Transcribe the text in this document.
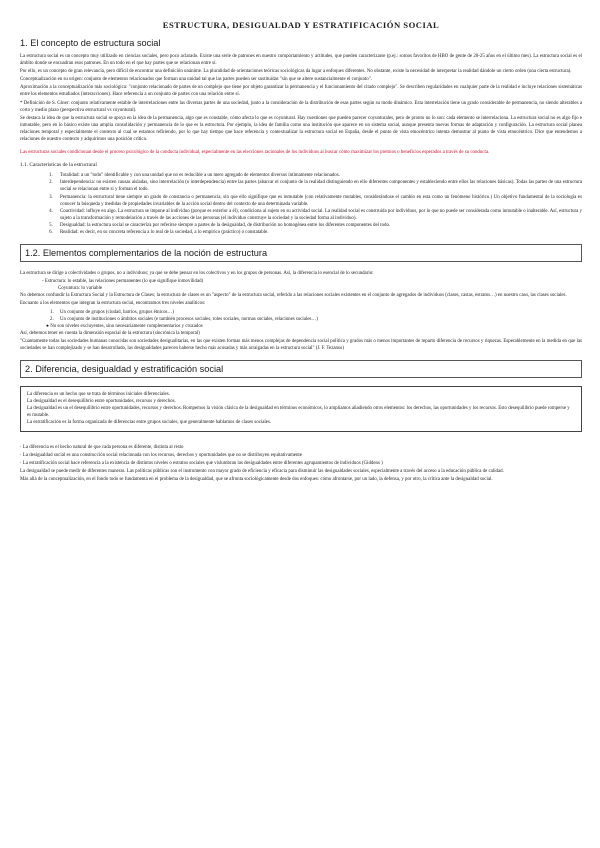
ESTRUCTURA, DESIGUALDAD Y ESTRATIFICACIÓN SOCIAL
1. El concepto de estructura social

La estructura social es un concepto muy utilizado en ciencias sociales, pero poco aclarado. Existe una serie de patrones en nuestro comportamiento y actitudes, que pueden caracterizarse (p.ej.: somos favoritos de HBO de gente de 20-25 años en el último mes). La estructura social es el ámbito donde se encuadran esos patrones. En un todo en el que hay partes que se relacionan entre sí.

Por ello, es un concepto de gran relevancia, pero difícil de encontrar una definición unánime. La pluralidad de orientaciones teóricas sociológicas da lugar a enfoques diferentes. No obstante, existe la necesidad de interpretar la realidad dándole un cierto orden (una cierta estructura).

Conceptualización en su origen: conjunto de elementos relacionados que forman una unidad tal que las partes pueden ser sustituidas "sin que se altere sustancialmente el conjunto".

Aproximación a la conceptualización más sociológica: "conjunto relacionado de partes de un complejo que tiene por objeto garantizar la permanencia y el funcionamiento del citado complejo". Se describen regularidades en cualquier parte de la realidad e incluye relaciones sistemáticas entre los elementos estudiados (interacciones). Hace referencia a un conjunto de partes con una relación entre sí.

* Definición de S. Giner: conjunto relativamente estable de interrelaciones entre las diversas partes de una sociedad, junto a la consideración de la distribución de esas partes según su modo dinámico. Esta interrelación tiene un grado considerable de permanencia, no siendo alterables a corto y medio plazo (perspectiva estructural vs coyuntural).

Se destaca la idea de que la estructura social se apoya en la idea de la permanencia, algo que es constable, cómo afecta lo que es coyuntural. Hay cuestiones que pueden parecer coyunturales, pero de pronto no lo son: cada elemento se interrelaciona. La estructura social no es algo fijo e inmutable, pero en lo básico existe una amplia consolidación y permanencia de lo que es la estructura. Por ejemplo, la idea de familia como una institución que aparece en un sistema social, aunque presenta nuevas formas de adaptación y configuración. La estructura social planea relaciones temporal y especialmente el contexto al cual se estamos refiriendo, por lo que hay tiempo que hace referencia y contextualizar la estructura social en España, desde el punto de vista etnocéntrico intenta demostrar al punto de vista etnocéntrico. Dice que entendemos a relaciones de nuestro contexto y adquirimos una posición crítica.

Las estructuras sociales condicionan desde el proceso psicológico de la conducta individual, especialmente en las elecciones racionales de los individuos al buscar cómo maximizar los premios o beneficios esperados a través de su conducta.

1.1. Características de la estructural
1. Totalidad: a un "todo" identificable y con una unidad que no es reducible a un mero agregado de elementos diversos íntimamente relacionados.
2. Interdependencia: no existen causas aisladas, sino interrelación (o interdependencia) entre las partes (abarcar el conjunto de la realidad distinguiendo en ello diferentes componentes y estableciendo entre ellos las relaciones básicas). Todas las partes de una estructura social se relacionan entre sí y forman el todo.
3. Permanencia: la estructural tiene siempre un grado de constancia o permanencia, sin que ello signifique que es inmutable (con relativamente mutables, considerándose el cambio en esta como un fenómeno histórico.) Un objetivo fundamental de la sociología es conocer la búsqueda y medidas de propiedades invariables de la acción social dentro del contexto de una determinada variable.
4. Coactividad: influye en algo. La estructura se impone al individuo (porque es exterior a él), condiciona al sujeto en su actividad social. La realidad social es construida por individuos, por lo que no puede ser considerada como inmutable o inalterable. Así, estructura y sujeto a la transformación y remodelación a través de las acciones de las personas (el individuo construye la sociedad y la sociedad forma al individuo).
5. Desigualdad: la estructura social se caracteriza por referirse siempre a partes de la desigualdad, de distribución no homogénea entre los diferentes componentes del todo.
6. Realidad: es decir, en su concreta referencia a lo real de la sociedad, a lo empírico (práctico) o constatable.
1.2. Elementos complementarios de la noción de estructura

La estructura se dirige a colectividades o grupos, no a individuos; ya que se debe pensar en los colectivos y en los grupos de personas. Así, la diferencia lo esencial de lo secundario:

- Estructura: lo estable, las relaciones permanentes (lo que signifique inmovilidad)
Coyuntura: lo variable

No debemos confundir la Estructura Social y la Estructura de Clases; la estructura de clases es un "aspecto" de la estructura social, referido a las relaciones sociales existentes en el conjunto de agregados de individuos (clases, castas, estratos…) en nuestro caso, las clases sociales.

Encuanto a los elementos que integran la estructura social, encontramos tres niveles analíticos:

1. Un conjunto de grupos (ciudad, barrios, grupos étnicos…)
2. Un conjunto de instituciones o ámbitos sociales (e también procesos sociales, roles sociales, normas sociales, relaciones sociales…)
● No son niveles excluyentes, sino necesariamente complementarios y cruzados

Así, debemos tener en cuenta la dimensión espacial de la estructura (sincrónica la temporal)

"Cuantamente todas las sociedades humanas conocidas son sociedades desigualitarias, en las que existen formas más menos complejas de dependencia social política y grados más o menos importantes de reparto diferencia de recursos y riquezas. Esperablemente en la medida en que las sociedades se han complejizado y se han desarrollado, las desigualdades parecen haberse hecho más acusadas y más arraigadas en la estructura social" (J. F. Tezanos)

2. Diferencia, desigualdad y estratificación social
La diferencia es un hecho que se trata de términos iniciales diferenciales.
La desigualdad es el desequilibrio entre oportunidades, recursos y derechos.
La desigualdad es un el desequilibrio entre oportunidades, recursos y derechos. Rompemos la visión clásica de la desigualdad en términos económicos, lo ampliamos añadiendo otros elementos: los derechos, las oportunidades y los recursos. Esto desequilibrio puede romperse y es mutable.
La estratificación es la forma organizada de diferencias entre grupos sociales, que generalmente hablamos de clases sociales.
· La diferencia es el hecho natural de que cada persona es diferente, distinta al resto
· La desigualdad social es una construcción social relacionada con los recursos, derechos y oportunidades que no se distribuyen equitativamente
· La estratificación social hace referencia a la existencia de distintos niveles o estratos sociales que vislumbran las desigualdades entre diferentes agrupamientos de individuos (Giddens )

La desigualdad se puede medir de diferentes maneras. Las políticas públicas son el instrumento con mayor grado de eficiencia y eficacia para disminuir las desigualdades sociales, especialmente a través del acceso a la educación pública de calidad.

Más allá de la conceptualización, en el fondo todo se fundamenta en el problema de la desigualdad, que se afronta sociológicamente desde dos enfoques: cómo afrontarse, por un lado, la defensa, y por otro, la crítica ante la desigualdad social.
